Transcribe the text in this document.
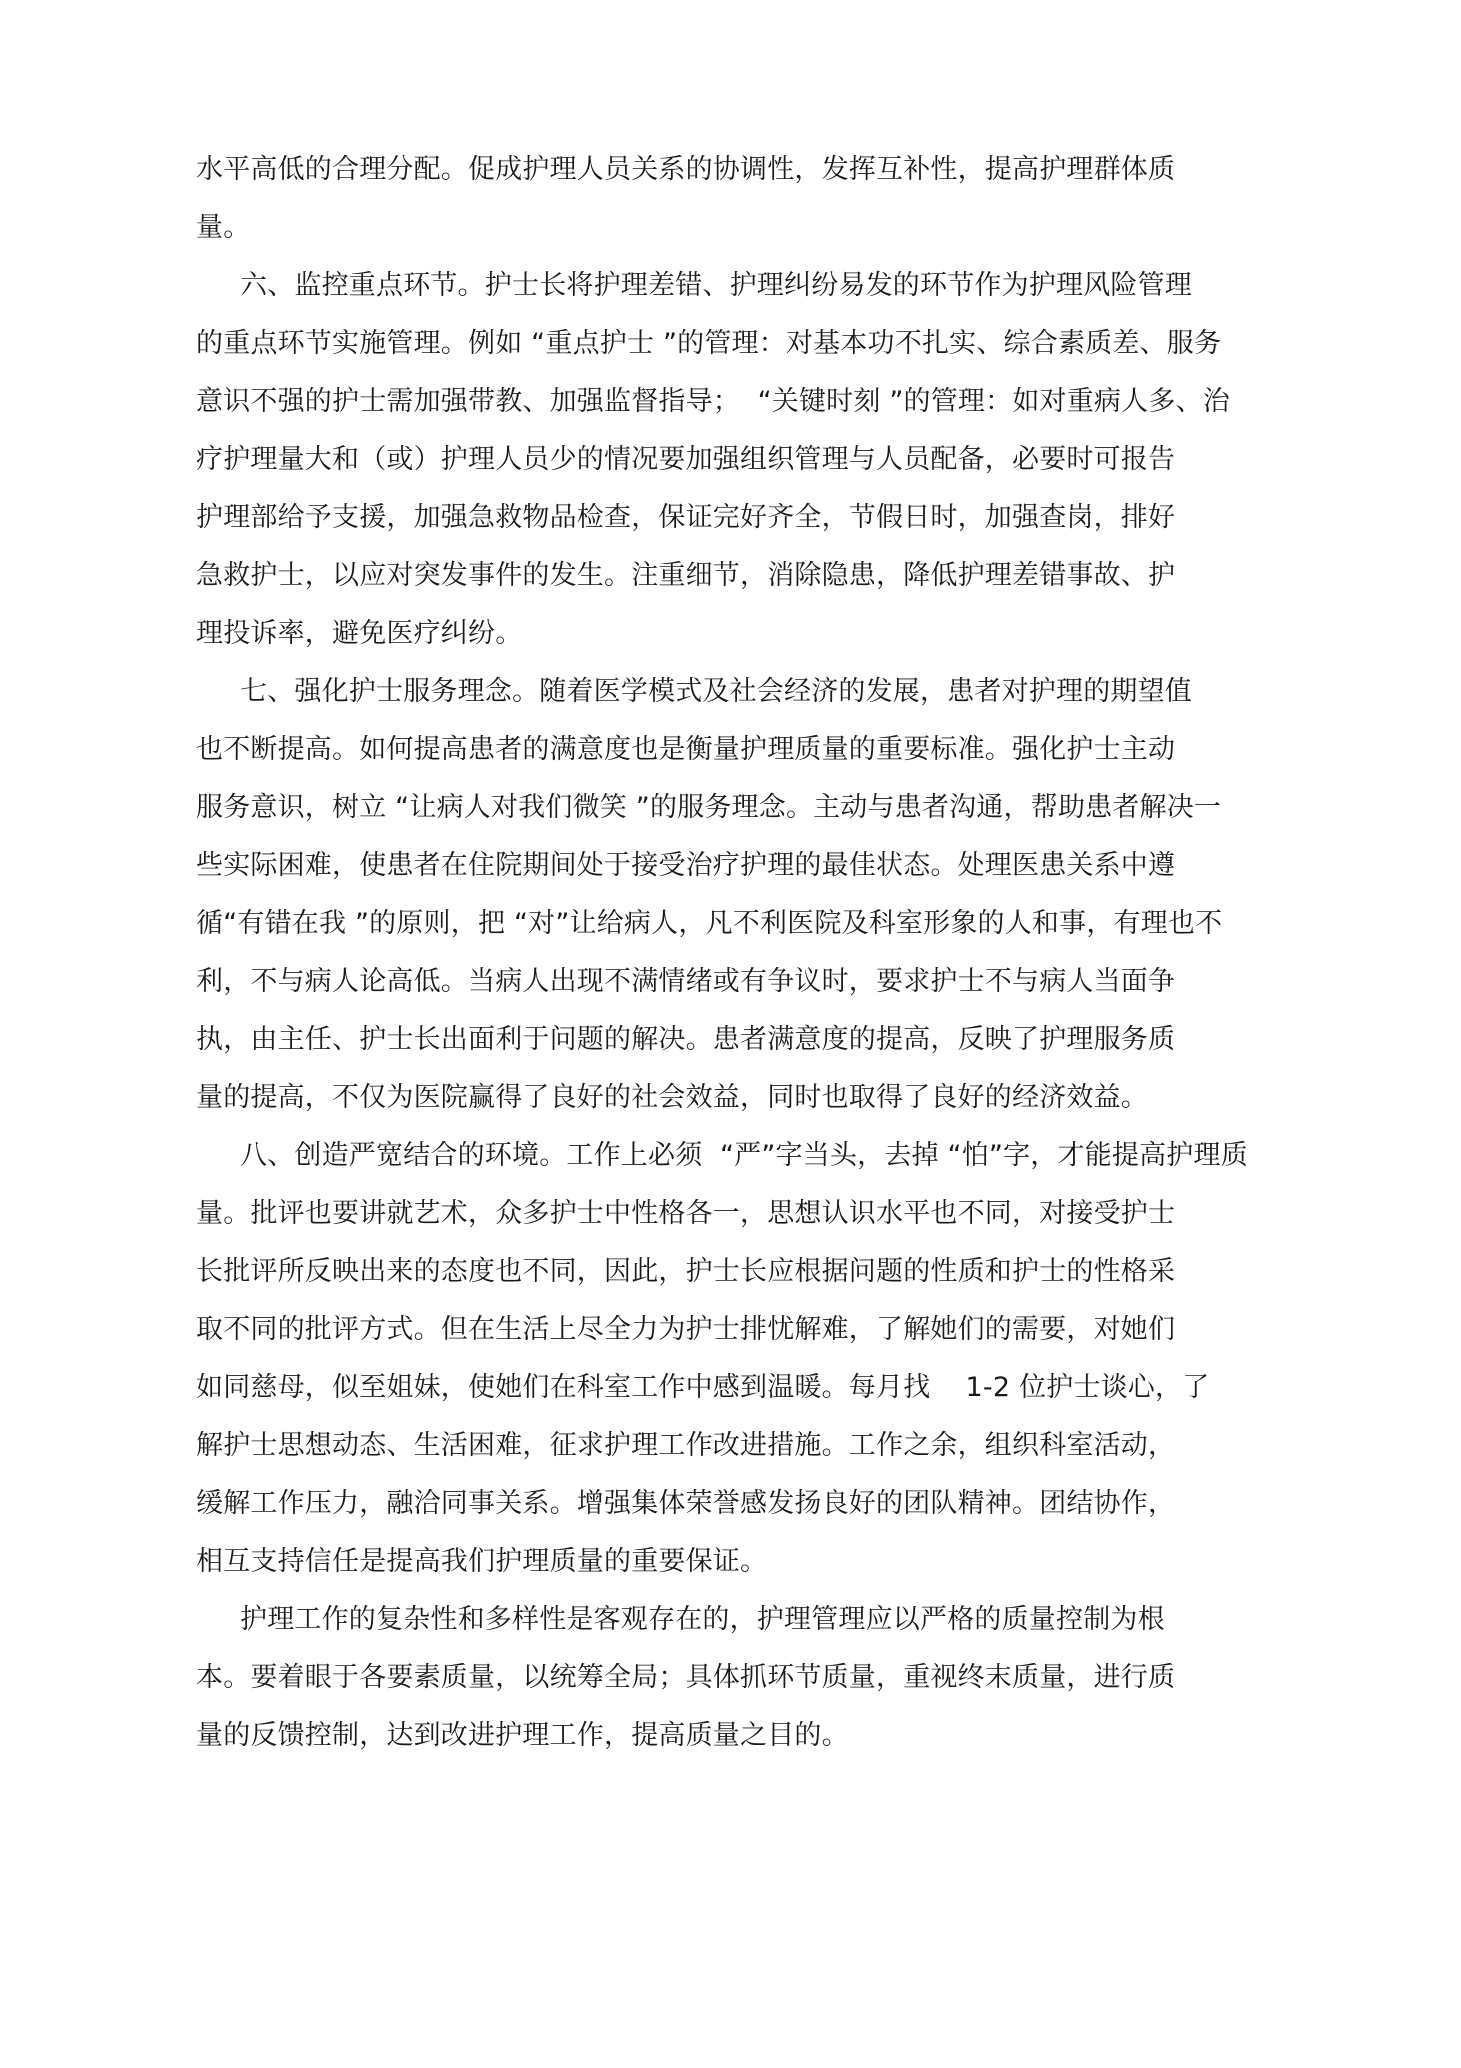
水平高低的合理分配。促成护理人员关系的协调性，发挥互补性，提高护理群体质
量。
六、监控重点环节。护士长将护理差错、护理纠纷易发的环节作为护理风险管理
的重点环节实施管理。例如 “重点护士 ”的管理：对基本功不扎实、综合素质差、服务
意识不强的护士需加强带教、加强监督指导；  “关键时刻 ”的管理：如对重病人多、治
疗护理量大和（或）护理人员少的情况要加强组织管理与人员配备，必要时可报告
护理部给予支援，加强急救物品检查，保证完好齐全，节假日时，加强查岗，排好
急救护士，以应对突发事件的发生。注重细节，消除隐患，降低护理差错事故、护
理投诉率，避免医疗纠纷。
七、强化护士服务理念。随着医学模式及社会经济的发展，患者对护理的期望值
也不断提高。如何提高患者的满意度也是衡量护理质量的重要标准。强化护士主动
服务意识，树立 “让病人对我们微笑 ”的服务理念。主动与患者沟通，帮助患者解决一
些实际困难，使患者在住院期间处于接受治疗护理的最佳状态。处理医患关系中遵
循“有错在我 ”的原则，把 “对”让给病人，凡不利医院及科室形象的人和事，有理也不
利，不与病人论高低。当病人出现不满情绪或有争议时，要求护士不与病人当面争
执，由主任、护士长出面利于问题的解决。患者满意度的提高，反映了护理服务质
量的提高，不仅为医院赢得了良好的社会效益，同时也取得了良好的经济效益。
八、创造严宽结合的环境。工作上必须  “严”字当头，去掉 “怕”字，才能提高护理质
量。批评也要讲就艺术，众多护士中性格各一，思想认识水平也不同，对接受护士
长批评所反映出来的态度也不同，因此，护士长应根据问题的性质和护士的性格采
取不同的批评方式。但在生活上尽全力为护士排忧解难，了解她们的需要，对她们
如同慈母，似至姐妹，使她们在科室工作中感到温暖。每月找    1-2 位护士谈心，了
解护士思想动态、生活困难，征求护理工作改进措施。工作之余，组织科室活动，
缓解工作压力，融洽同事关系。增强集体荣誉感发扬良好的团队精神。团结协作，
相互支持信任是提高我们护理质量的重要保证。
护理工作的复杂性和多样性是客观存在的，护理管理应以严格的质量控制为根
本。要着眼于各要素质量，以统筹全局；具体抓环节质量，重视终末质量，进行质
量的反馈控制，达到改进护理工作，提高质量之目的。
